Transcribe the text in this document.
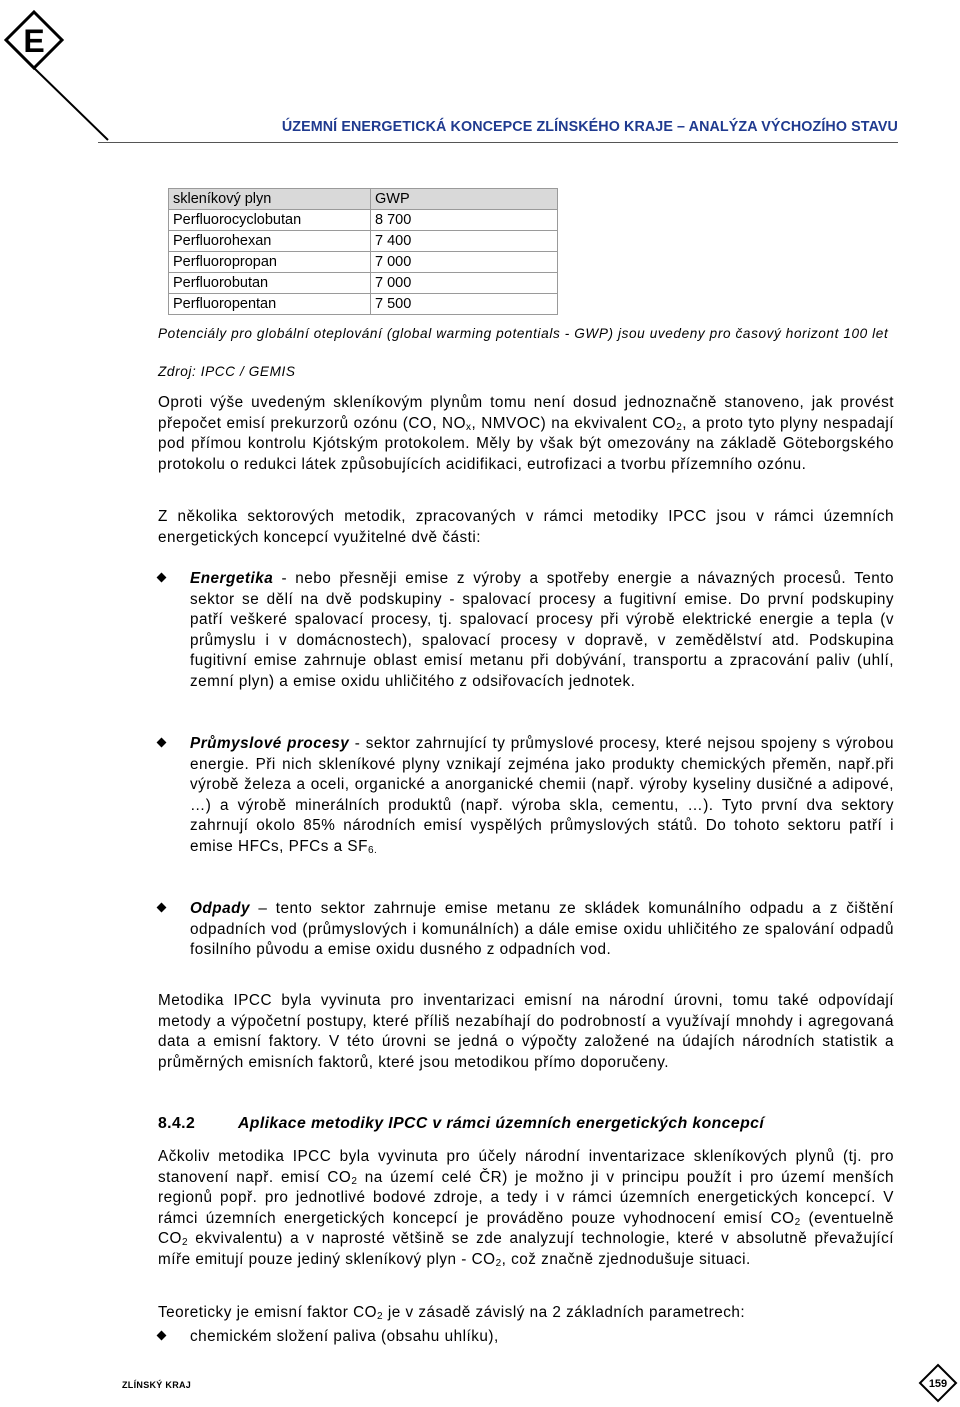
E
ÚZEMNÍ ENERGETICKÁ KONCEPCE ZLÍNSKÉHO KRAJE – ANALÝZA VÝCHOZÍHO STAVU
skleníkový plyn	GWP
Perfluorocyclobutan	8 700
Perfluorohexan	7 400
Perfluoropropan	7 000
Perfluorobutan	7 000
Perfluoropentan	7 500
Potenciály pro globální oteplování (global warming potentials - GWP) jsou uvedeny pro časový horizont 100 let
Zdroj: IPCC / GEMIS
Oproti výše uvedeným skleníkovým plynům tomu není dosud jednoznačně stanoveno, jak provést přepočet emisí prekurzorů ozónu (CO, $NO_x$, NMVOC) na ekvivalent $CO_2$, a proto tyto plyny nespadají pod přímou kontrolu Kjótským protokolem. Měly by však být omezovány na základě Göteborgského protokolu o redukci látek způsobujících acidifikaci, eutrofizaci a tvorbu přízemního ozónu.
Z několika sektorových metodik, zpracovaných v rámci metodiky IPCC jsou v rámci územních energetických koncepcí využitelné dvě části:
Energetika - nebo přesněji emise z výroby a spotřeby energie a návazných procesů. Tento sektor se dělí na dvě podskupiny - spalovací procesy a fugitivní emise. Do první podskupiny patří veškeré spalovací procesy, tj. spalovací procesy při výrobě elektrické energie a tepla (v průmyslu i v domácnostech), spalovací procesy v dopravě, v zemědělství atd. Podskupina fugitivní emise zahrnuje oblast emisí metanu při dobývání, transportu a zpracování paliv (uhlí, zemní plyn) a emise oxidu uhličitého z odsiřovacích jednotek.
Průmyslové procesy - sektor zahrnující ty průmyslové procesy, které nejsou spojeny s výrobou energie. Při nich skleníkové plyny vznikají zejména jako produkty chemických přeměn, např.při výrobě železa a oceli, organické a anorganické chemii (např. výroby kyseliny dusičné a adipové, …) a výrobě minerálních produktů (např. výroba skla, cementu, …). Tyto první dva sektory zahrnují okolo 85% národních emisí vyspělých průmyslových států. Do tohoto sektoru patří i emise HFCs, PFCs a $SF_{6.}$
Odpady – tento sektor zahrnuje emise metanu ze skládek komunálního odpadu a z čištění odpadních vod (průmyslových i komunálních) a dále emise oxidu uhličitého ze spalování odpadů fosilního původu a emise oxidu dusného z odpadních vod.
Metodika IPCC byla vyvinuta pro inventarizaci emisní na národní úrovni, tomu také odpovídají metody a výpočetní postupy, které příliš nezabíhají do podrobností a využívají mnohdy i agregovaná data a emisní faktory. V této úrovni se jedná o výpočty založené na údajích národních statistik a průměrných emisních faktorů, které jsou metodikou přímo doporučeny.
8.4.2	Aplikace metodiky IPCC v rámci územních energetických koncepcí
Ačkoliv metodika IPCC byla vyvinuta pro účely národní inventarizace skleníkových plynů (tj. pro stanovení např. emisí $CO_2$ na území celé ČR) je možno ji v principu použít i pro území menších regionů popř. pro jednotlivé bodové zdroje, a tedy i v rámci územních energetických koncepcí. V rámci územních energetických koncepcí je prováděno pouze vyhodnocení emisí $CO_2$ (eventuelně $CO_2$ ekvivalentu) a v naprosté většině se zde analyzují technologie, které v absolutně převažující míře emitují pouze jediný skleníkový plyn - $CO_2$, což značně zjednodušuje situaci.
Teoreticky je emisní faktor $CO_2$ je v zásadě závislý na 2 základních parametrech:
chemickém složení paliva (obsahu uhlíku),
ZLÍNSKÝ KRAJ	159
